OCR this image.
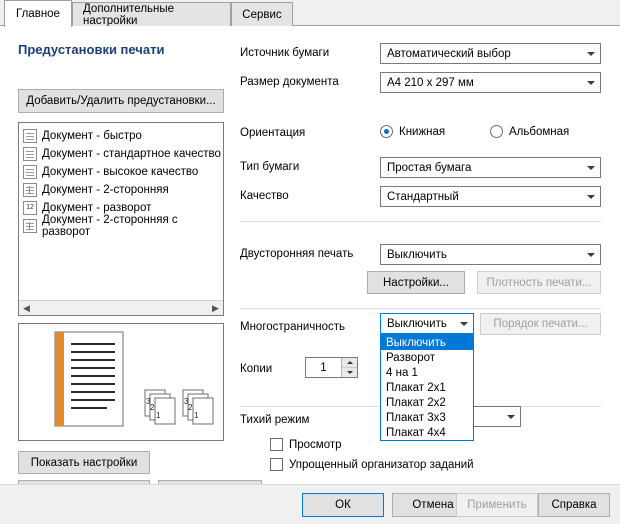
Главное Дополнительные настройки	Сервис
Предустановки печати
Добавить/Удалить предустановки...
Документ - быстро
Документ - стандартное качество
Документ - высокое качество
Документ - 2-сторонняя
12 Документ - разворот
Документ - 2-сторонняя с разворот
◀	▶
3
2
1
3
2
1
Показать настройки
Источник бумаги	Автоматический выбор
Размер документа	A4 210 x 297 мм
Ориентация	Книжная	Альбомная
Тип бумаги	Простая бумага
Качество	Стандартный
Двусторонняя печать	Выключить
Настройки...	Плотность печати...
Многостраничность	Выключить	Порядок печати...
Копии	1
Тихий режим
Просмотр
Упрощенный организатор заданий
Выключить
Разворот
4 на 1
Плакат 2x1
Плакат 2x2
Плакат 3x3
Плакат 4x4
ОК	Отмена Применить Справка
